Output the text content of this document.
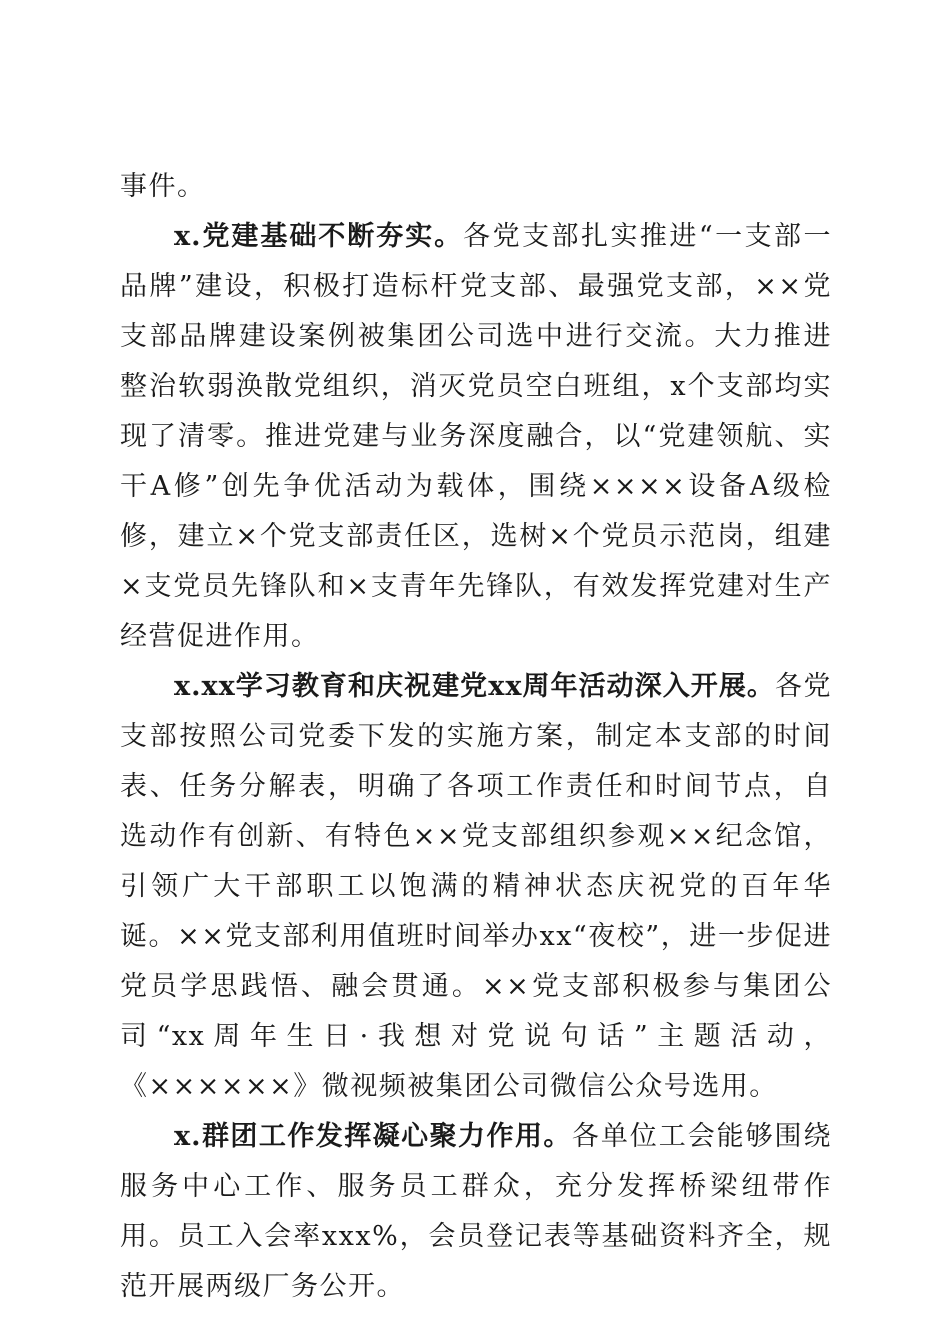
事件。

x.党建基础不断夯实。各党支部扎实推进“一支部一品牌”建设，积极打造标杆党支部、最强党支部，××党支部品牌建设案例被集团公司选中进行交流。大力推进整治软弱涣散党组织，消灭党员空白班组，x个支部均实现了清零。推进党建与业务深度融合，以“党建领航、实干A修”创先争优活动为载体，围绕××××设备A级检修，建立×个党支部责任区，选树×个党员示范岗，组建×支党员先锋队和×支青年先锋队，有效发挥党建对生产经营促进作用。

x.xx学习教育和庆祝建党xx周年活动深入开展。各党支部按照公司党委下发的实施方案，制定本支部的时间表、任务分解表，明确了各项工作责任和时间节点，自选动作有创新、有特色××党支部组织参观××纪念馆，引领广大干部职工以饱满的精神状态庆祝党的百年华诞。××党支部利用值班时间举办xx“夜校”，进一步促进党员学思践悟、融会贯通。××党支部积极参与集团公司“xx周年生日·我想对党说句话”主题活动，《××××××》微视频被集团公司微信公众号选用。

x.群团工作发挥凝心聚力作用。各单位工会能够围绕服务中心工作、服务员工群众，充分发挥桥梁纽带作用。员工入会率xxx%，会员登记表等基础资料齐全，规范开展两级厂务公开。
